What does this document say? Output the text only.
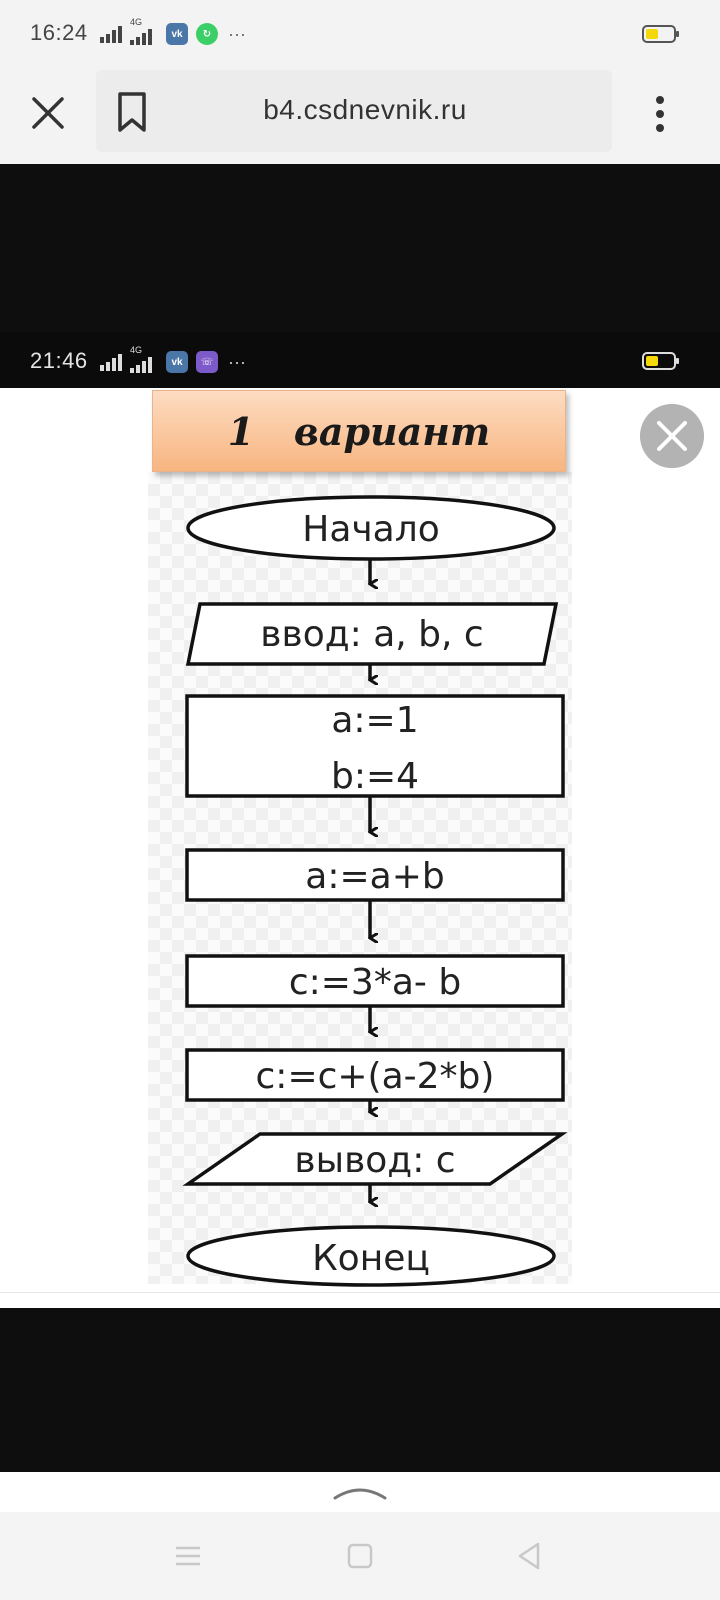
16:24	4G
vk	↻ ···
b4.csdnevnik.ru
21:46	4G
vk	☏ ···
1   вариант
Начало
ввод: a, b, c
a:=1
b:=4
a:=a+b
c:=3*a- b
c:=c+(a-2*b)
вывод: с
Конец
